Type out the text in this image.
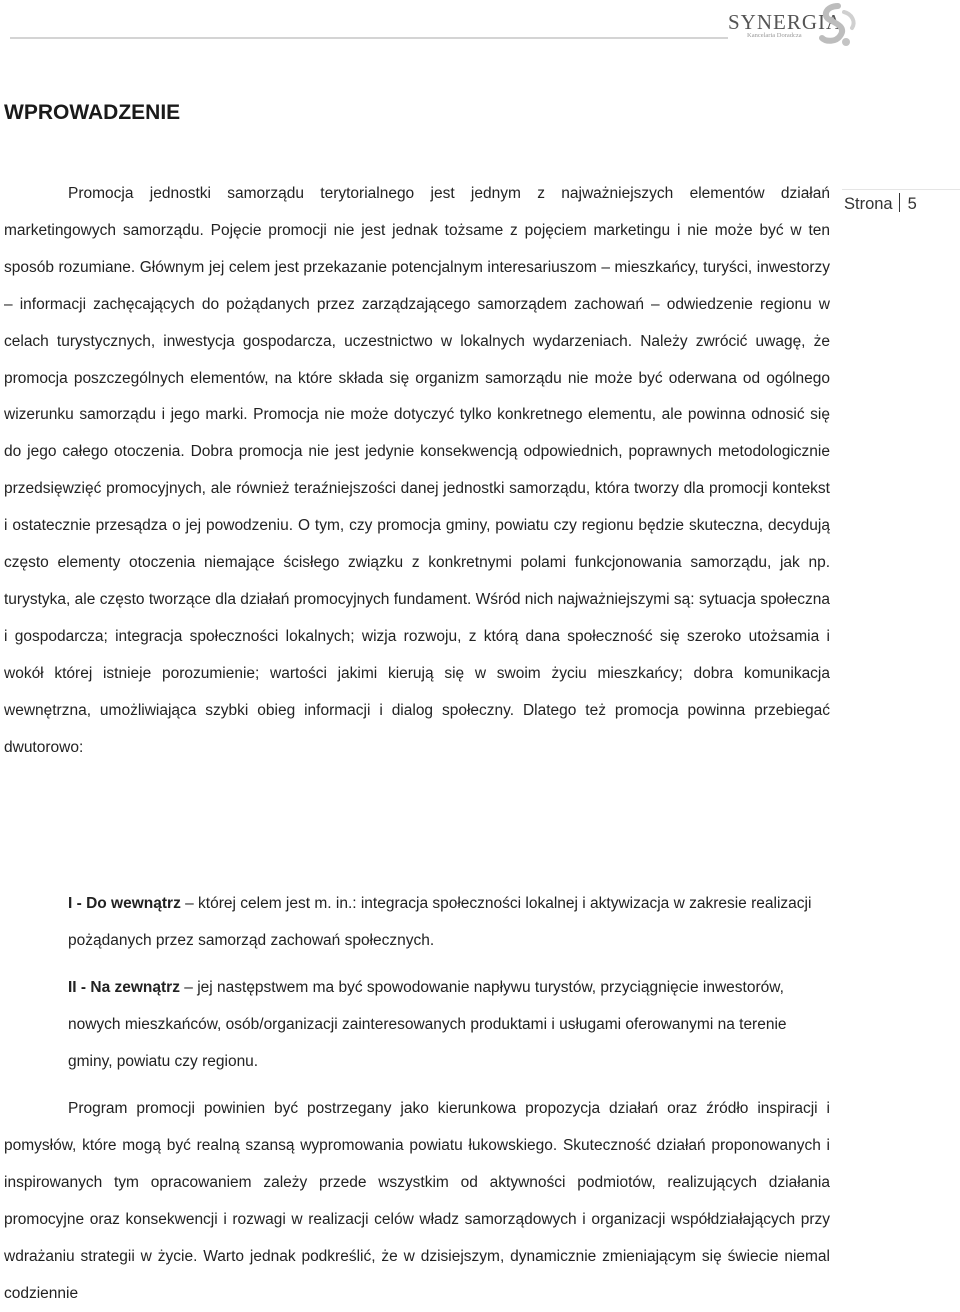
SYNERGIA
Kancelaria Doradcza
Strona 5
WPROWADZENIE

Promocja jednostki samorządu terytorialnego jest jednym z najważniejszych elementów działań marketingowych samorządu. Pojęcie promocji nie jest jednak tożsame z pojęciem marketingu i nie może być w ten sposób rozumiane. Głównym jej celem jest przekazanie potencjalnym interesariuszom – mieszkańcy, turyści, inwestorzy – informacji zachęcających do pożądanych przez zarządzającego samorządem zachowań – odwiedzenie regionu w celach turystycznych, inwestycja gospodarcza, uczestnictwo w lokalnych wydarzeniach. Należy zwrócić uwagę, że promocja poszczególnych elementów, na które składa się organizm samorządu nie może być oderwana od ogólnego wizerunku samorządu i jego marki. Promocja nie może dotyczyć tylko konkretnego elementu, ale powinna odnosić się do jego całego otoczenia. Dobra promocja nie jest jedynie konsekwencją odpowiednich, poprawnych metodologicznie przedsięwzięć promocyjnych, ale również teraźniejszości danej jednostki samorządu, która tworzy dla promocji kontekst i ostatecznie przesądza o jej powodzeniu. O tym, czy promocja gminy, powiatu czy regionu będzie skuteczna, decydują często elementy otoczenia niemające ścisłego związku z konkretnymi polami funkcjonowania samorządu, jak np. turystyka, ale często tworzące dla działań promocyjnych fundament. Wśród nich najważniejszymi są: sytuacja społeczna i gospodarcza; integracja społeczności lokalnych; wizja rozwoju, z którą dana społeczność się szeroko utożsamia i wokół której istnieje porozumienie; wartości jakimi kierują się w swoim życiu mieszkańcy; dobra komunikacja wewnętrzna, umożliwiająca szybki obieg informacji i dialog społeczny. Dlatego też promocja powinna przebiegać dwutorowo:

I - Do wewnątrz – której celem jest m. in.: integracja społeczności lokalnej i aktywizacja w zakresie realizacji pożądanych przez samorząd zachowań społecznych.

II - Na zewnątrz – jej następstwem ma być spowodowanie napływu turystów, przyciągnięcie inwestorów, nowych mieszkańców, osób/organizacji zainteresowanych produktami i usługami oferowanymi na terenie gminy, powiatu czy regionu.

Program promocji powinien być postrzegany jako kierunkowa propozycja działań oraz źródło inspiracji i pomysłów, które mogą być realną szansą wypromowania powiatu łukowskiego. Skuteczność działań proponowanych i inspirowanych tym opracowaniem zależy przede wszystkim od aktywności podmiotów, realizujących działania promocyjne oraz konsekwencji i rozwagi w realizacji celów władz samorządowych i organizacji współdziałających przy wdrażaniu strategii w życie. Warto jednak podkreślić, że w dzisiejszym, dynamicznie zmieniającym się świecie niemal codziennie
